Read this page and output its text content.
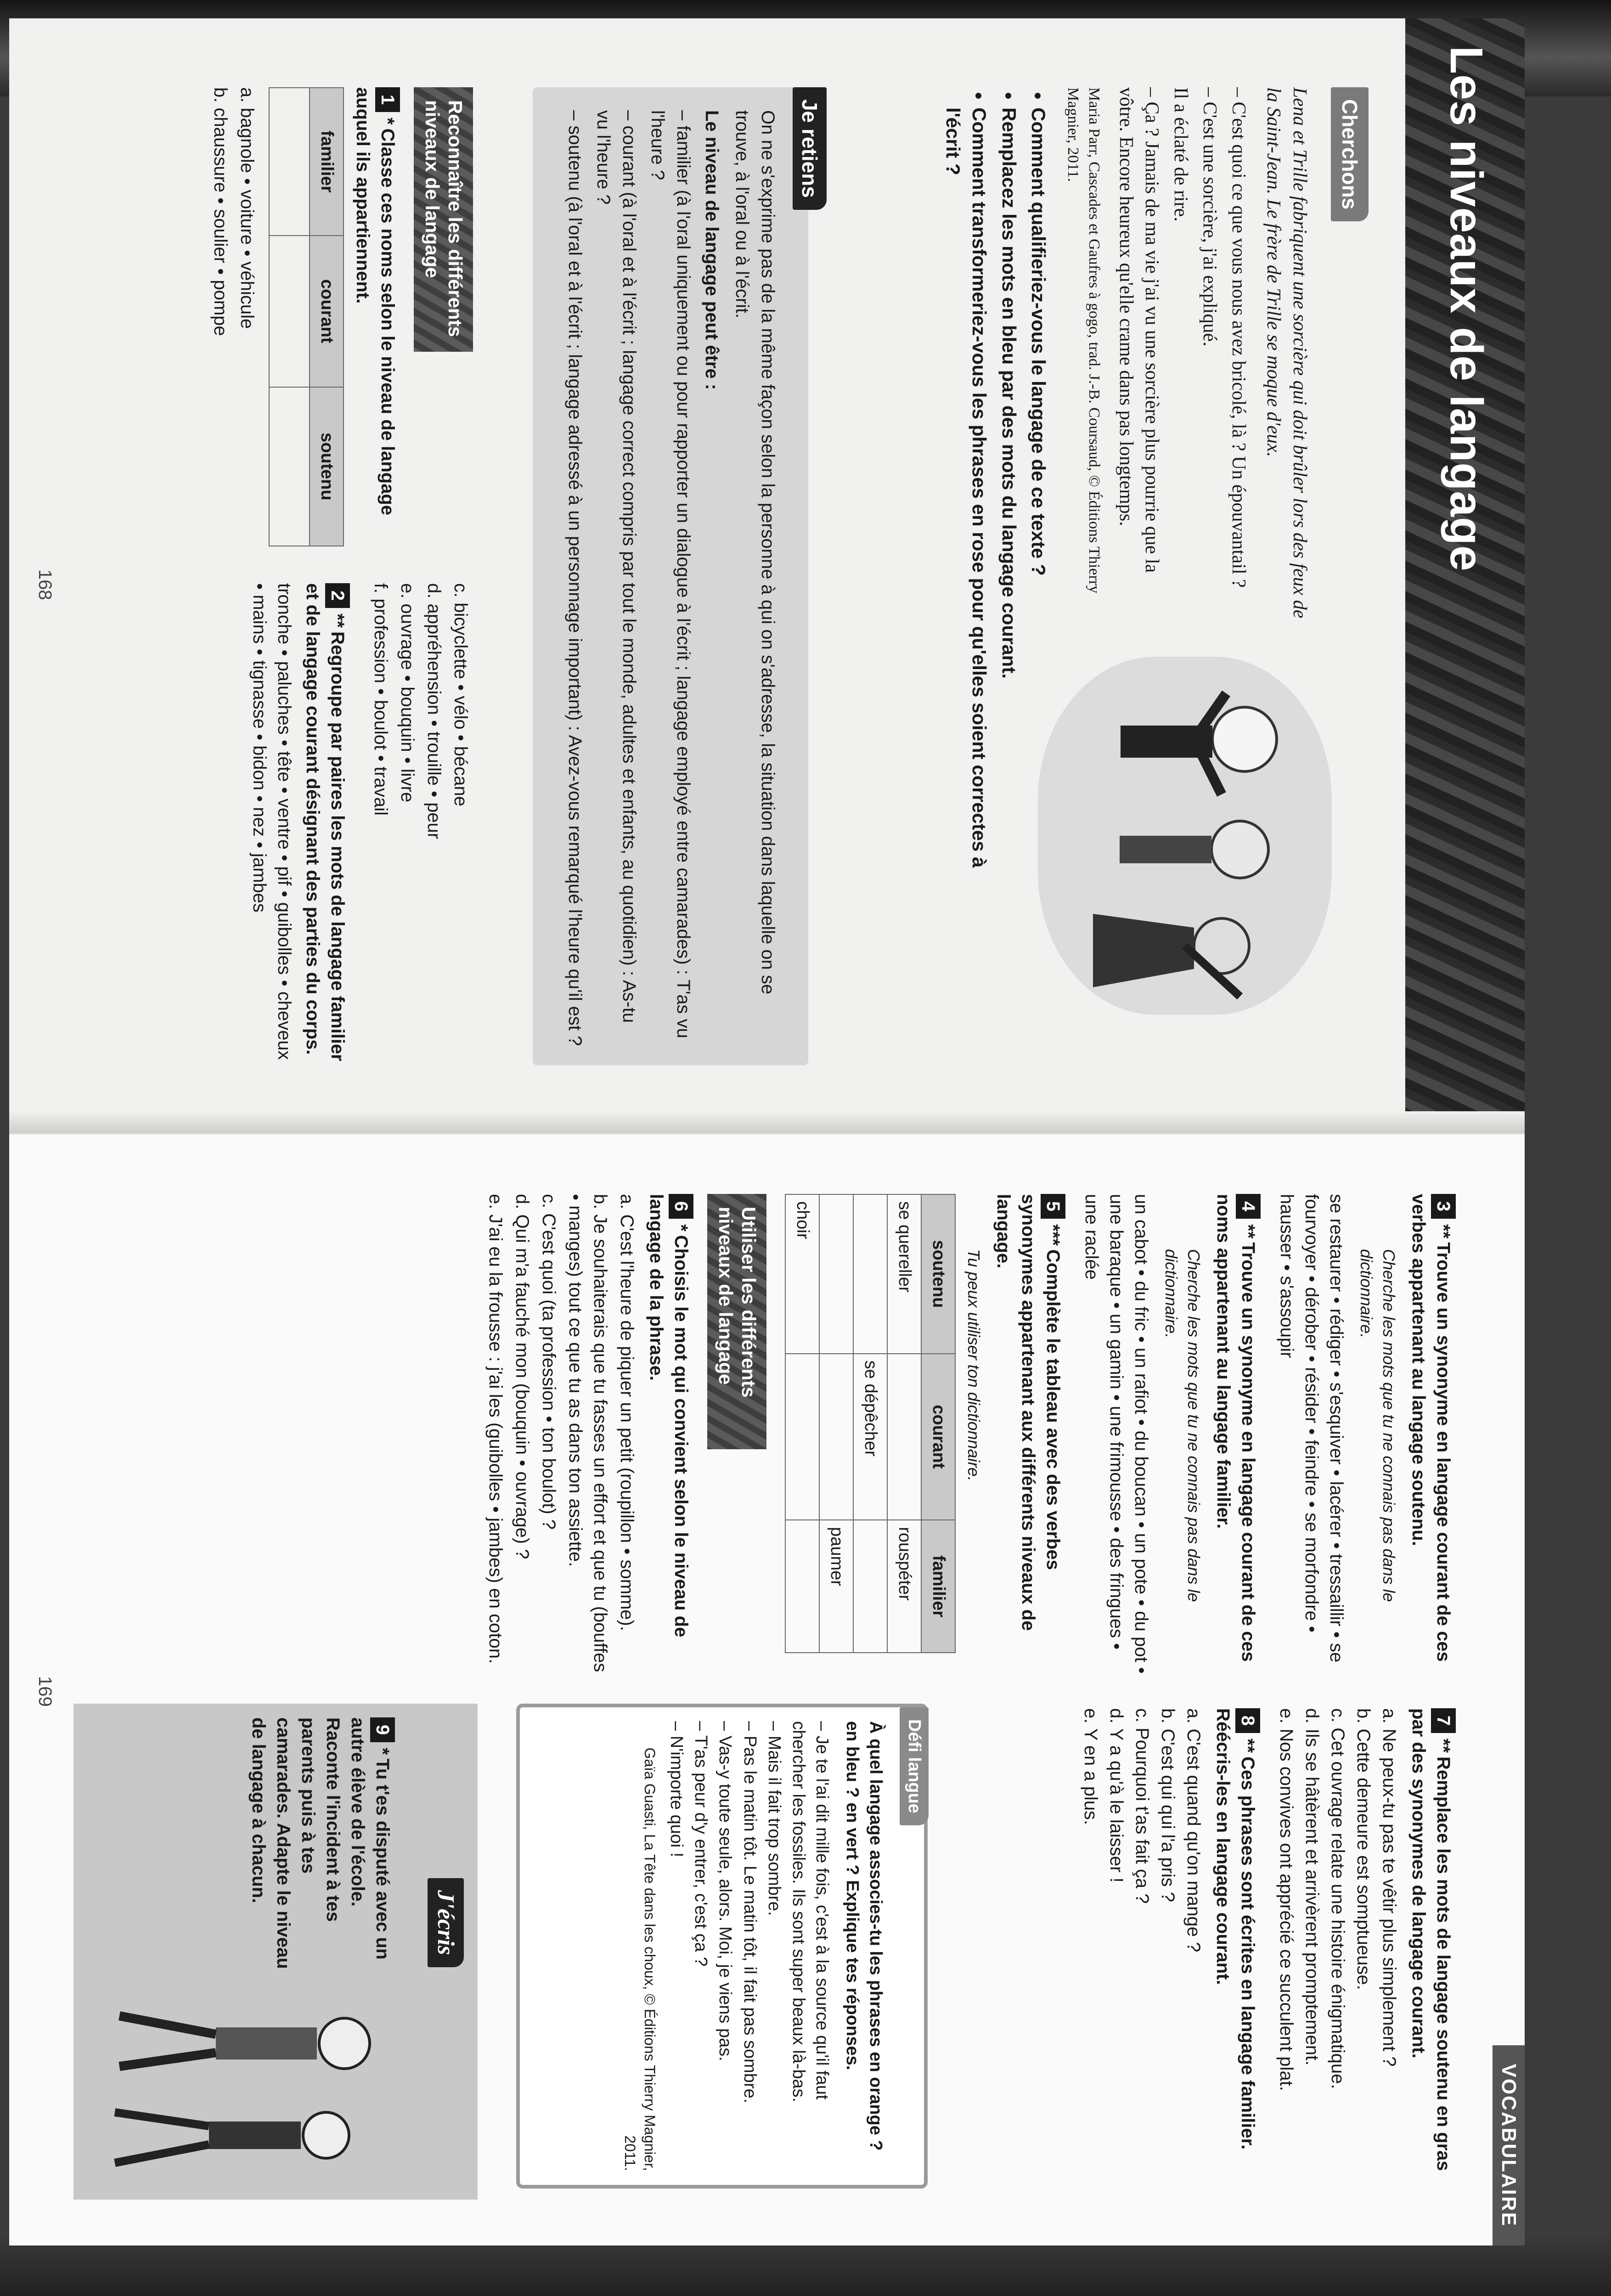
Les niveaux de langage
Cherchons

Lena et Trille fabriquent une sorcière qui doit brûler lors des feux de la Saint-Jean. Le frère de Trille se moque d'eux.

– C'est quoi ce que vous nous avez bricolé, là ? Un épouvantail ?

– C'est une sorcière, j'ai expliqué.

Il a éclaté de rire.

– Ça ? Jamais de ma vie j'ai vu une sorcière plus pourrie que la vôtre. Encore heureux qu'elle crame dans pas longtemps.

Maria Parr, Cascades et Gaufres à gogo, trad. J.-B. Coursaud, © Éditions Thierry Magnier, 2011.

• Comment qualifieriez-vous le langage de ce texte ?
• Remplacez les mots en bleu par des mots du langage courant.
• Comment transformeriez-vous les phrases en rose pour qu'elles soient correctes à l'écrit ?
Je retiens

On ne s'exprime pas de la même façon selon la personne à qui on s'adresse, la situation dans laquelle on se trouve, à l'oral ou à l'écrit.

Le niveau de langage peut être :

– familier (à l'oral uniquement ou pour rapporter un dialogue à l'écrit ; langage employé entre camarades) : T'as vu l'heure ?

– courant (à l'oral et à l'écrit ; langage correct compris par tout le monde, adultes et enfants, au quotidien) : As-tu vu l'heure ?

– soutenu (à l'oral et à l'écrit ; langage adressé à un personnage important) : Avez-vous remarqué l'heure qu'il est ?

Reconnaître les différents niveaux de langage

1*Classe ces noms selon le niveau de langage auquel ils appartiennent.

familier	courant	soutenu

a. bagnole • voiture • véhicule

b. chaussure • soulier • pompe

c. bicyclette • vélo • bécane

d. appréhension • trouille • peur

e. ouvrage • bouquin • livre

f. profession • boulot • travail

2**Regroupe par paires les mots de langage familier et de langage courant désignant des parties du corps.

tronche • paluches • tête • ventre • pif • guibolles • cheveux • mains • tignasse • bidon • nez • jambes

168
VOCABULAIRE

3**Trouve un synonyme en langage courant de ces verbes appartenant au langage soutenu.

Cherche les mots que tu ne connais pas dans le dictionnaire.

se restaurer • rédiger • s'esquiver • lacérer • tressaillir • se fourvoyer • dérober • résider • feindre • se morfondre • hausser • s'assoupir

4**Trouve un synonyme en langage courant de ces noms appartenant au langage familier.

Cherche les mots que tu ne connais pas dans le dictionnaire.

un cabot • du fric • un rafiot • du boucan • un pote • du pot • une baraque • un gamin • une frimousse • des fringues • une raclée

5***Complète le tableau avec des verbes synonymes appartenant aux différents niveaux de langage.

Tu peux utiliser ton dictionnaire.

soutenu	courant	familier
se quereller		rouspéter
	se dépêcher	
		paumer
choir		
Utiliser les différents niveaux de langage

6*Choisis le mot qui convient selon le niveau de langage de la phrase.

a. C'est l'heure de piquer un petit (roupillon • somme).

b. Je souhaiterais que tu fasses un effort et que tu (bouffes • manges) tout ce que tu as dans ton assiette.

c. C'est quoi (ta profession • ton boulot) ?

d. Qui m'a fauché mon (bouquin • ouvrage) ?

e. J'ai eu la frousse : j'ai les (guibolles • jambes) en coton.

7**Remplace les mots de langage soutenu en gras par des synonymes de langage courant.

a. Ne peux-tu pas te vêtir plus simplement ?

b. Cette demeure est somptueuse.

c. Cet ouvrage relate une histoire énigmatique.

d. Ils se hâtèrent et arrivèrent promptement.

e. Nos convives ont apprécié ce succulent plat.

8**Ces phrases sont écrites en langage familier. Réécris-les en langage courant.

a. C'est quand qu'on mange ?

b. C'est qui qui l'a pris ?

c. Pourquoi t'as fait ça ?

d. Y a qu'à le laisser !

e. Y en a plus.

Défi langue

À quel langage associes-tu les phrases en orange ? en bleu ? en vert ? Explique tes réponses.

– Je te l'ai dit mille fois, c'est à la source qu'il faut chercher les fossiles. Ils sont super beaux là-bas.

– Mais il fait trop sombre.

– Pas le matin tôt. Le matin tôt, il fait pas sombre.

– Vas-y toute seule, alors. Moi, je viens pas.

– T'as peur d'y entrer, c'est ça ?

– N'importe quoi !

Gaïa Guasti, La Tête dans les choux, © Éditions Thierry Magnier, 2011.

J'écris
9*Tu t'es disputé avec un autre élève de l'école. Raconte l'incident à tes parents puis à tes camarades. Adapte le niveau de langage à chacun.
169
